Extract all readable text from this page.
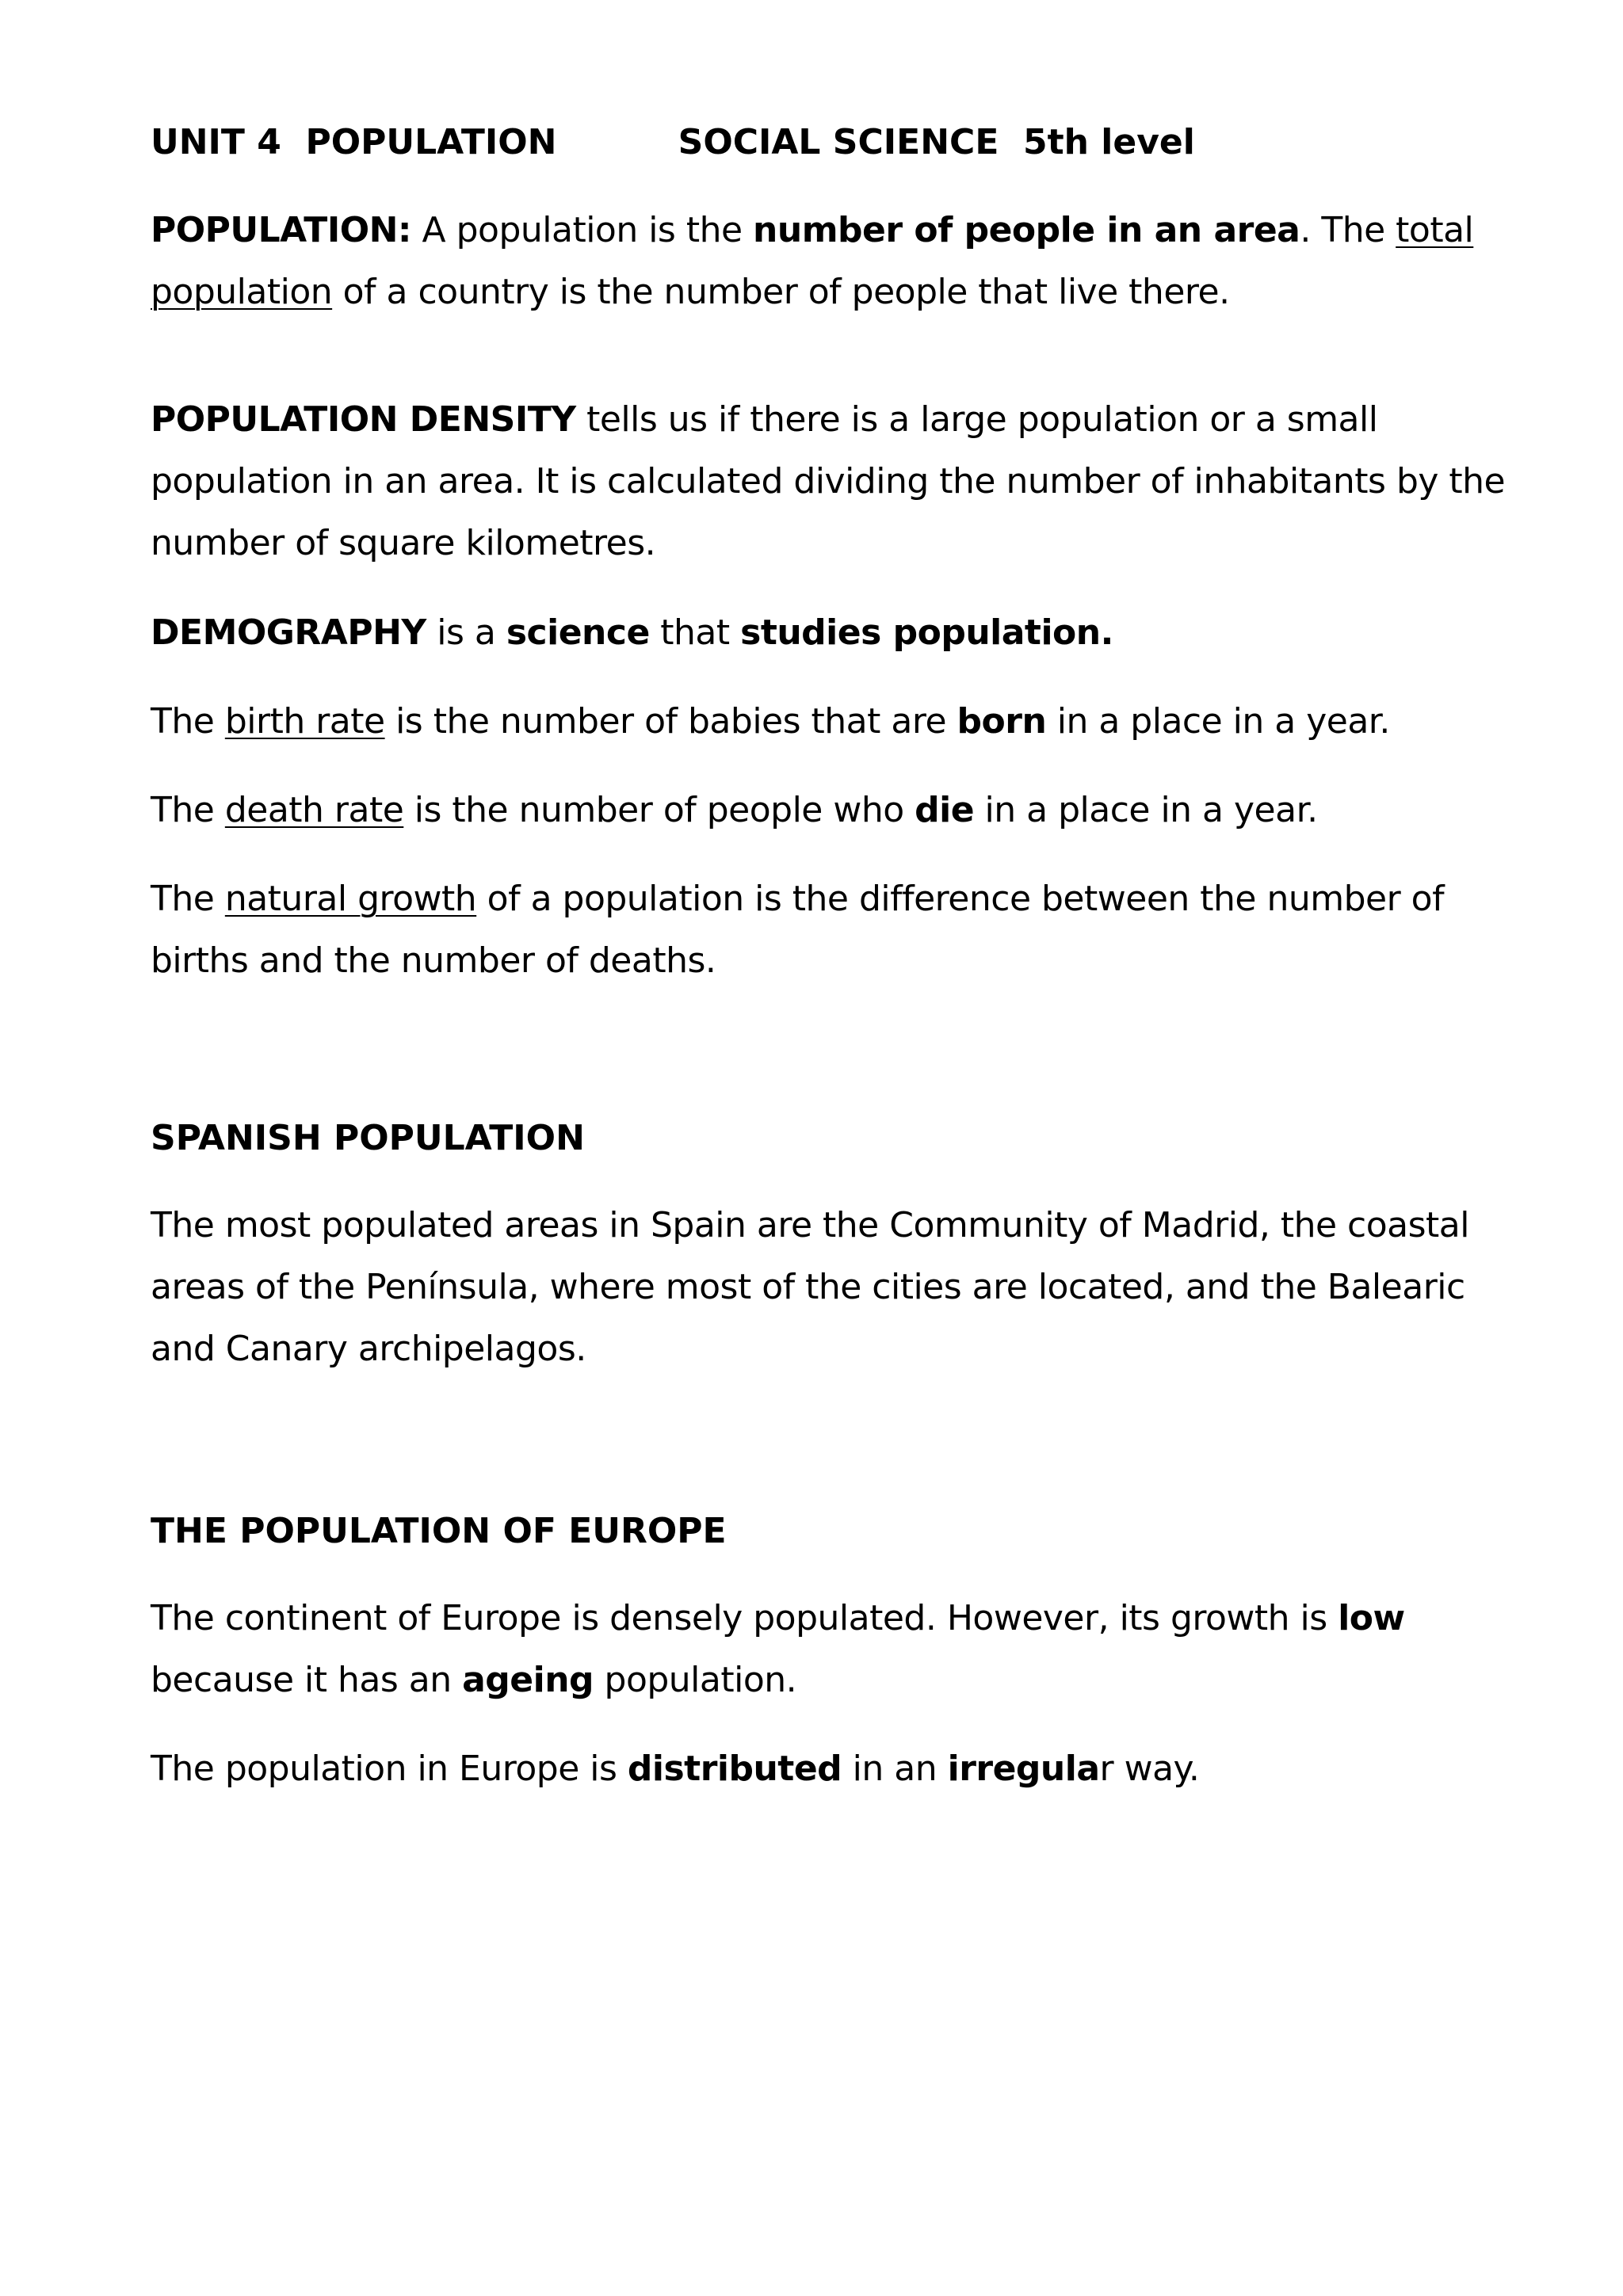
UNIT 4 POPULATION	SOCIAL SCIENCE 5th level
POPULATION: A population is the number of people in an area. The total population of a country is the number of people that live there.
POPULATION DENSITY tells us if there is a large population or a small population in an area. It is calculated dividing the number of inhabitants by the number of square kilometres.
DEMOGRAPHY is a science that studies population.
The birth rate is the number of babies that are born in a place in a year.
The death rate is the number of people who die in a place in a year.
The natural growth of a population is the difference between the number of births and the number of deaths.
SPANISH POPULATION
The most populated areas in Spain are the Community of Madrid, the coastal areas of the Península, where most of the cities are located, and the Balearic and Canary archipelagos.
THE POPULATION OF EUROPE
The continent of Europe is densely populated. However, its growth is low because it has an ageing population.
The population in Europe is distributed in an irregular way.
